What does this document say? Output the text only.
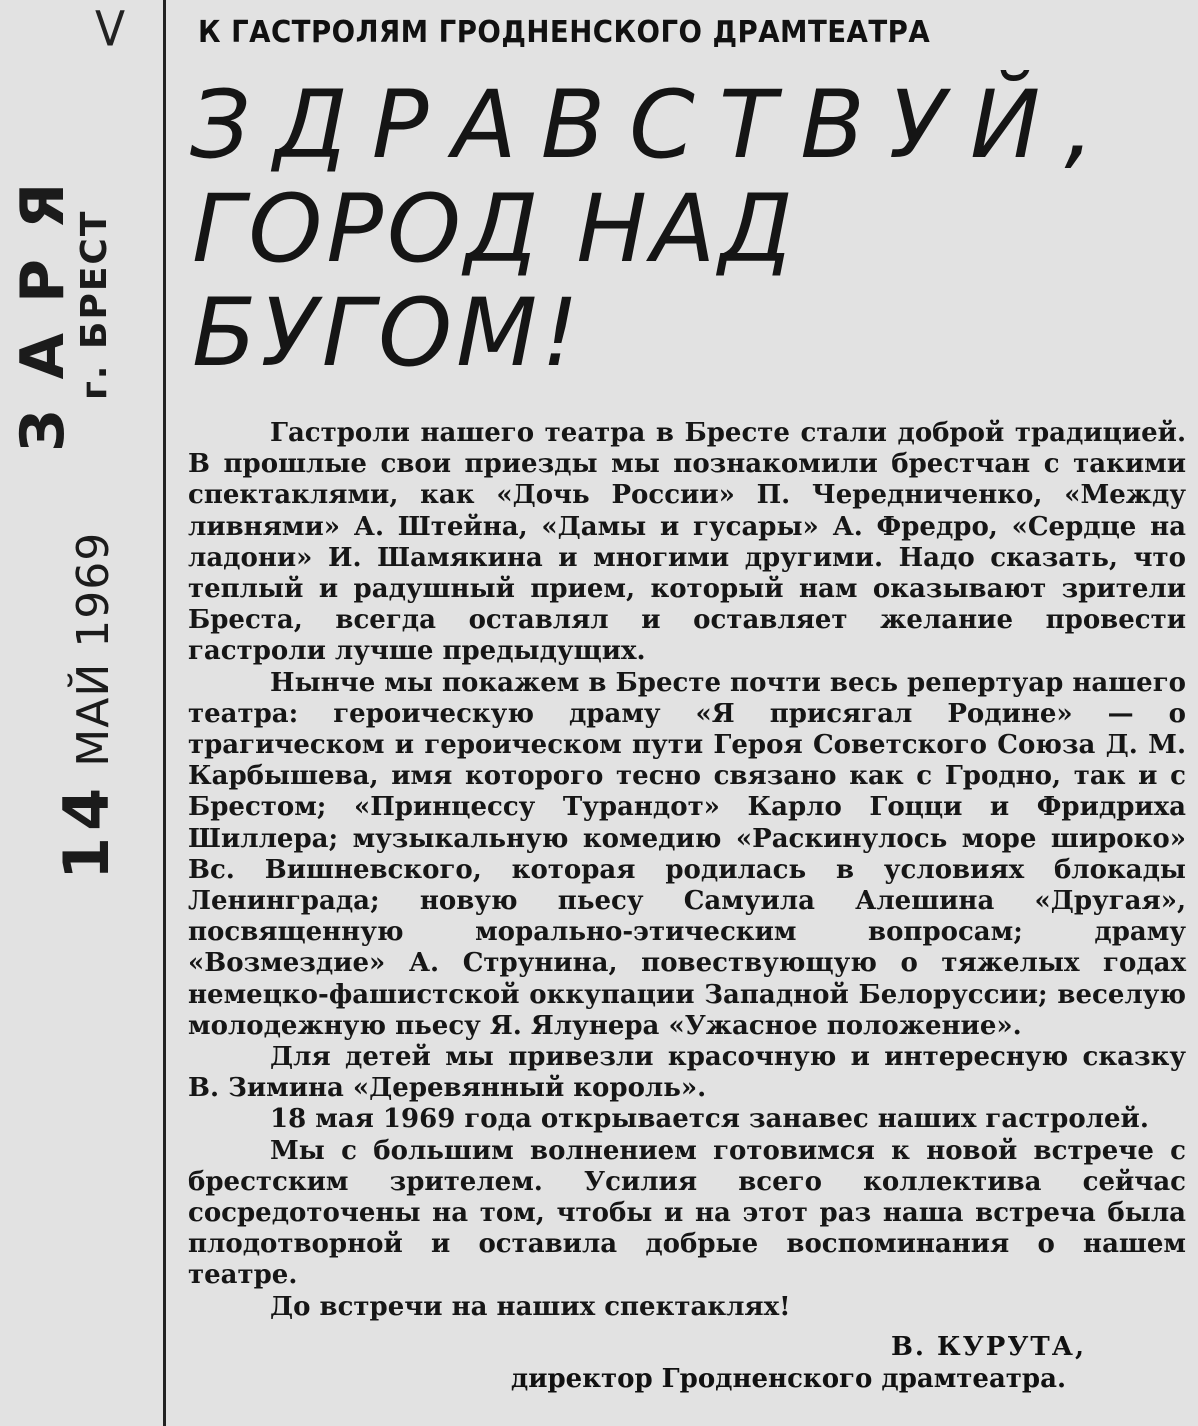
ЗАРЯ
г. БРЕСТ
14 МАЙ 1969
V К ГАСТРОЛЯМ ГРОДНЕНСКОГО ДРАМТЕАТРА
ЗДРАВСТВУЙ,
ГОРОД НАД БУГОМ!

Гастроли нашего театра в Бресте стали доброй традицией. В прошлые свои приезды мы познакомили брестчан с такими спектаклями, как «Дочь России» П. Чередниченко, «Между ливнями» А. Штейна, «Дамы и гусары» А. Фредро, «Сердце на ладони» И. Шамякина и многими другими. Надо сказать, что теплый и радушный прием, который нам оказывают зрители Бреста, всегда оставлял и оставляет желание провести гастроли лучше предыдущих.

Нынче мы покажем в Бресте почти весь репертуар нашего театра: героическую драму «Я присягал Родине» — о трагическом и героическом пути Героя Советского Союза Д. М. Карбышева, имя которого тесно связано как с Гродно, так и с Брестом; «Принцессу Турандот» Карло Гоцци и Фридриха Шиллера; музыкальную комедию «Раскинулось море широко» Вс. Вишневского, которая родилась в условиях блокады Ленинграда; новую пьесу Самуила Алешина «Другая», посвященную морально-этическим вопросам; драму «Возмездие» А. Струнина, повествующую о тяжелых годах немецко-фашистской оккупации Западной Белоруссии; веселую молодежную пьесу Я. Ялунера «Ужасное положение».

Для детей мы привезли красочную и интересную сказку В. Зимина «Деревянный король».

18 мая 1969 года открывается занавес наших гастролей.

Мы с большим волнением готовимся к новой встрече с брестским зрителем. Усилия всего коллектива сейчас сосредоточены на том, чтобы и на этот раз наша встреча была плодотворной и оставила добрые воспоминания о нашем театре.

До встречи на наших спектаклях!

В. КУРУТА,
директор Гродненского драмтеатра.
